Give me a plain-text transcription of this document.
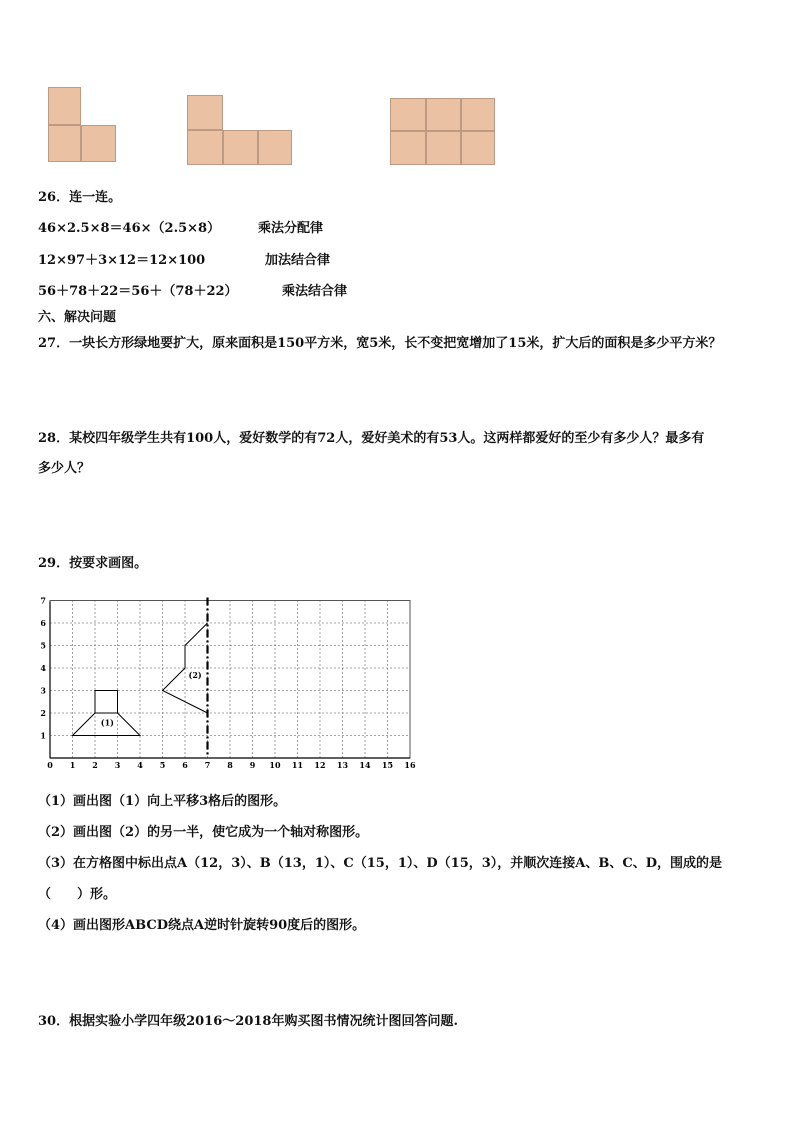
26．连一连。
46×2.5×8＝46×（2.5×8）	乘法分配律
12×97＋3×12＝12×100	加法结合律
56＋78＋22＝56＋（78＋22）	乘法结合律
六、解决问题
27．一块长方形绿地要扩大，原来面积是150平方米，宽5米，长不变把宽增加了15米，扩大后的面积是多少平方米？
28．某校四年级学生共有100人，爱好数学的有72人，爱好美术的有53人。这两样都爱好的至少有多少人？最多有
多少人？
29．按要求画图。
0 1 2 3 4 5 6 7 8 9 10 11 12 13 14 15 16
1
2
3
4
5
6
7
(1)
(2)
（1）画出图（1）向上平移3格后的图形。
（2）画出图（2）的另一半，使它成为一个轴对称图形。
（3）在方格图中标出点A（12，3）、B（13，1）、C（15，1）、D（15，3），并顺次连接A、B、C、D，围成的是
（　　）形。
（4）画出图形ABCD绕点A逆时针旋转90度后的图形。
30．根据实验小学四年级2016～2018年购买图书情况统计图回答问题.
